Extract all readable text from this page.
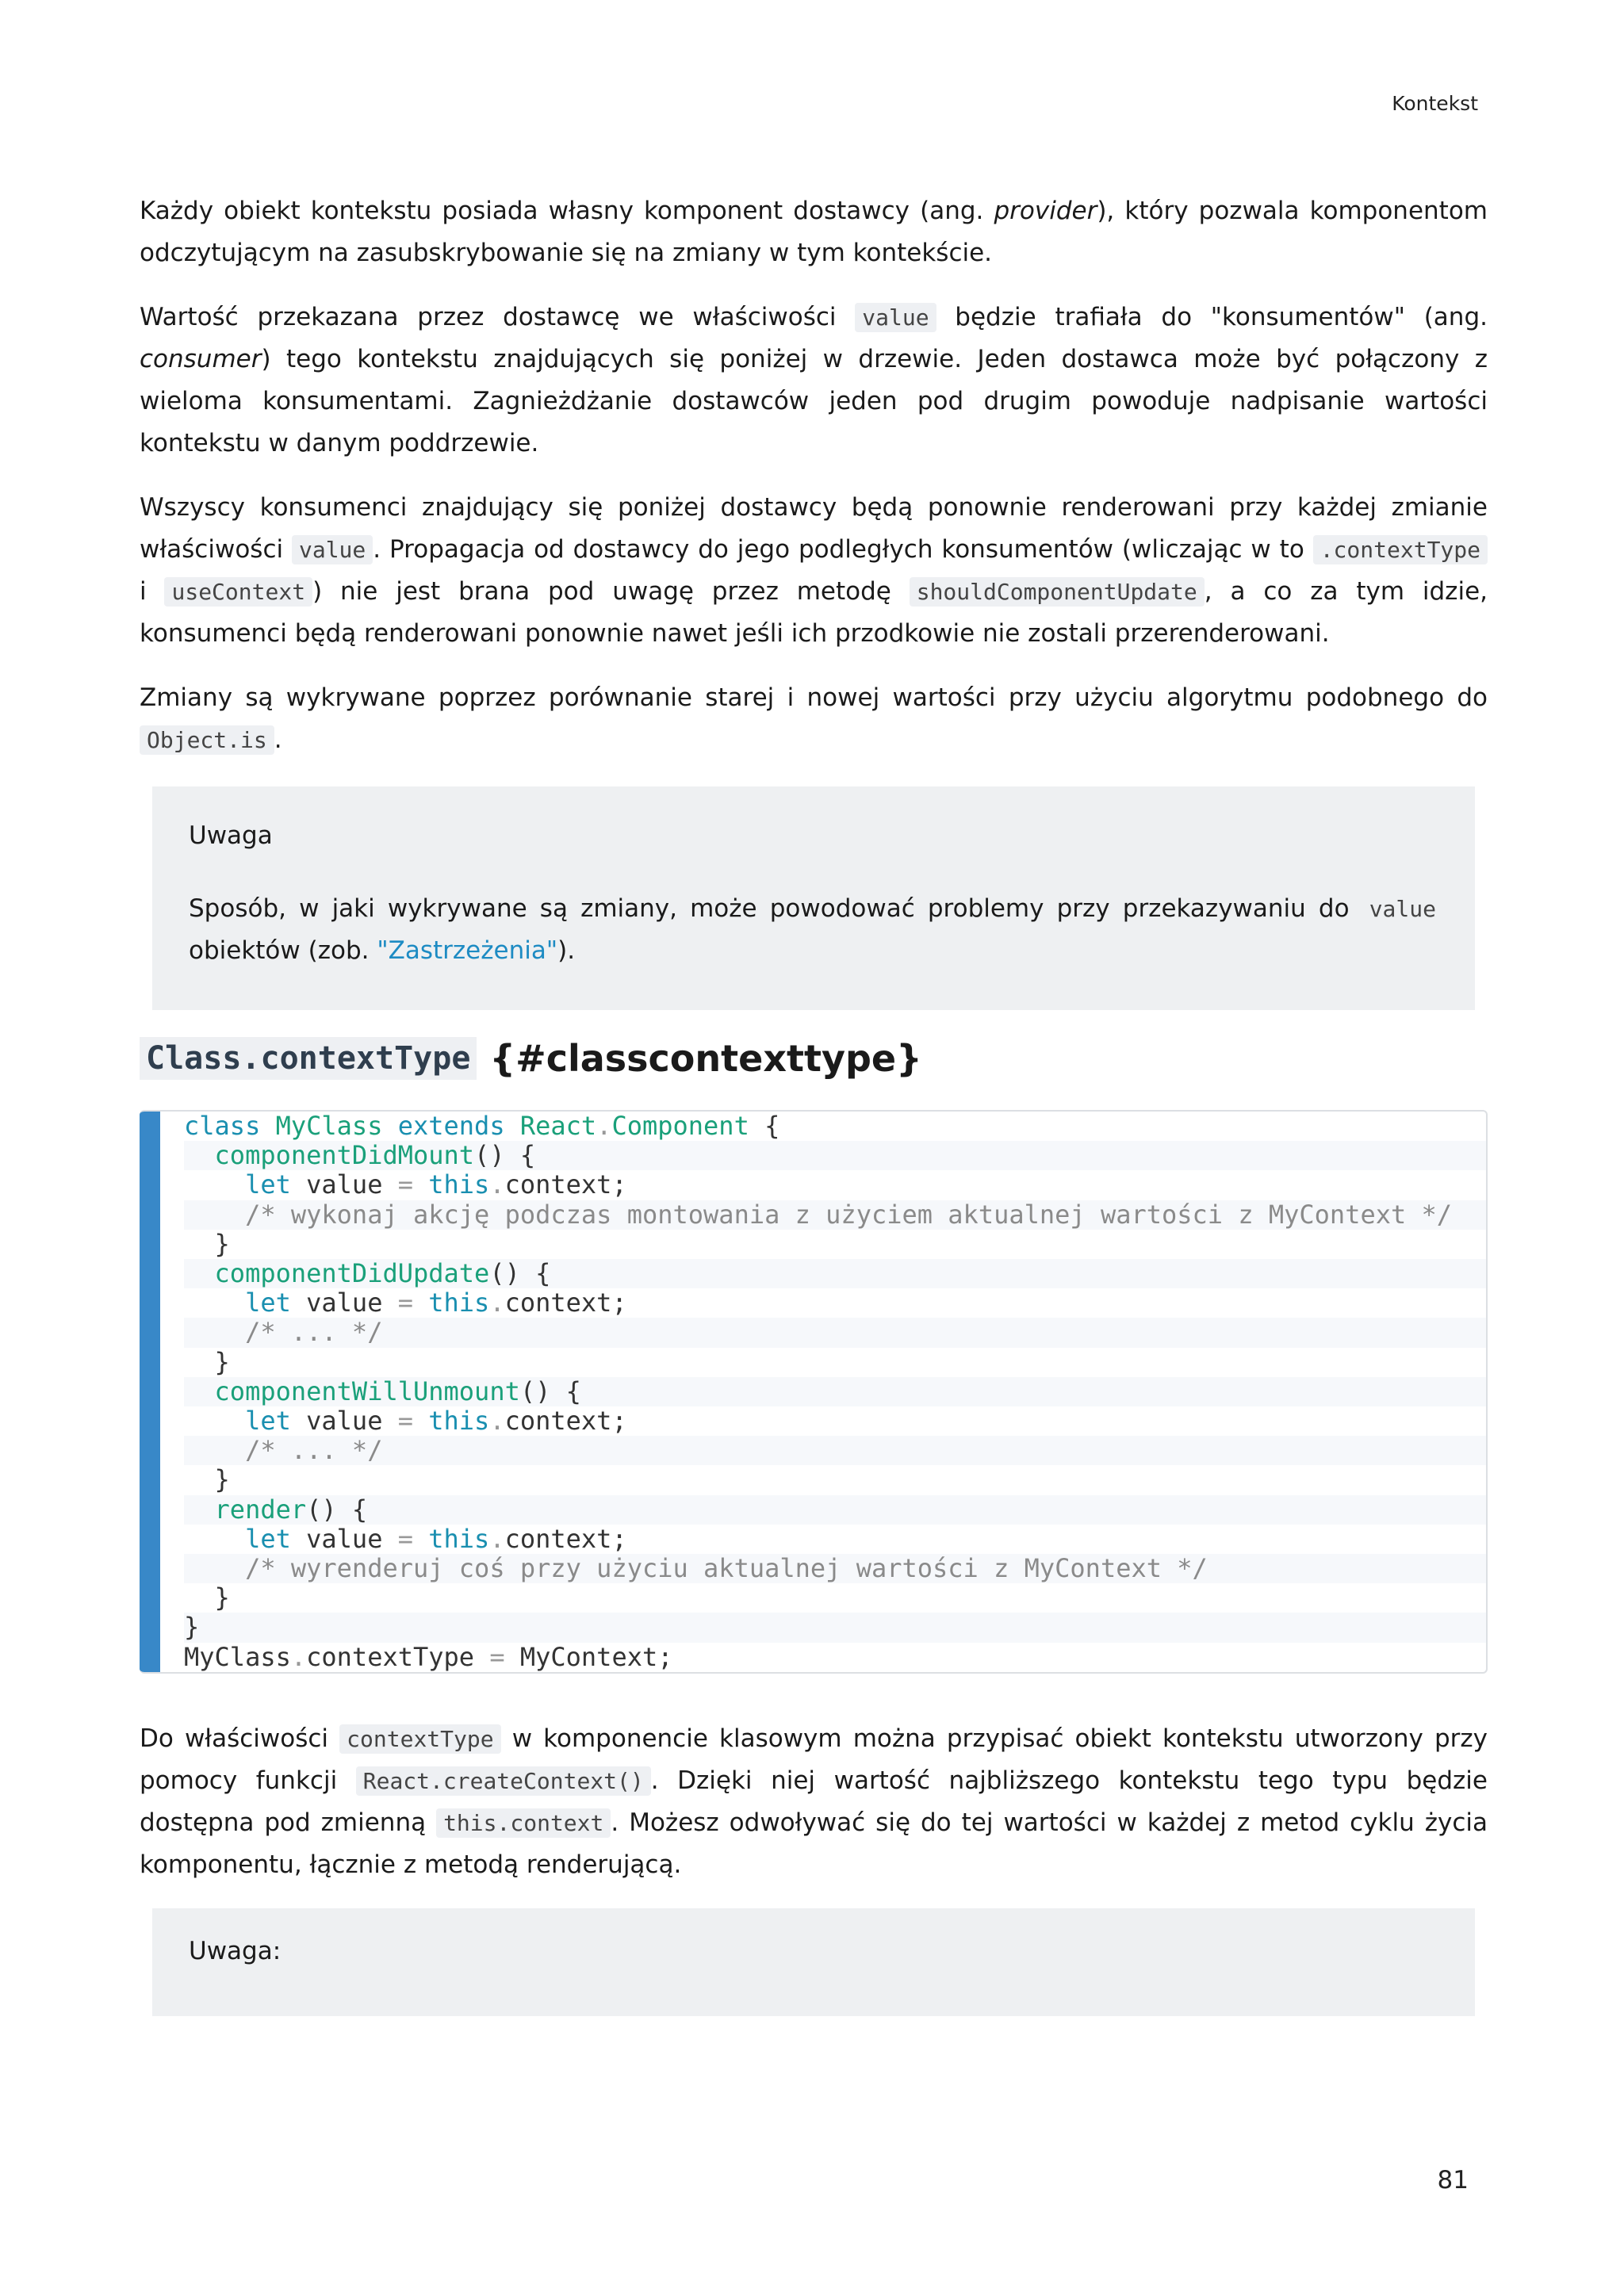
Kontekst

Każdy obiekt kontekstu posiada własny komponent dostawcy (ang. provider), który pozwala komponentom odczytującym na zasubskrybowanie się na zmiany w tym kontekście.

Wartość przekazana przez dostawcę we właściwości value będzie trafiała do "konsumentów" (ang. consumer) tego kontekstu znajdujących się poniżej w drzewie. Jeden dostawca może być połączony z wieloma konsumentami. Zagnieżdżanie dostawców jeden pod drugim powoduje nadpisanie wartości kontekstu w danym poddrzewie.

Wszyscy konsumenci znajdujący się poniżej dostawcy będą ponownie renderowani przy każdej zmianie właściwości value . Propagacja od dostawcy do jego podległych konsumentów (wliczając w to .contextType i useContext ) nie jest brana pod uwagę przez metodę shouldComponentUpdate , a co za tym idzie, konsumenci będą renderowani ponownie nawet jeśli ich przodkowie nie zostali przerenderowani.

Zmiany są wykrywane poprzez porównanie starej i nowej wartości przy użyciu algorytmu podobnego do Object.is .

Uwaga

Sposób, w jaki wykrywane są zmiany, może powodować problemy przy przekazywaniu do value obiektów (zob. "Zastrzeżenia").

Class.contextType {#classcontexttype}
class MyClass extends React.Component {
componentDidMount() {
let value = this.context;
/* wykonaj akcję podczas montowania z użyciem aktualnej wartości z MyContext */
}
componentDidUpdate() {
let value = this.context;
/* ... */
}
componentWillUnmount() {
let value = this.context;
/* ... */
}
render() {
let value = this.context;
/* wyrenderuj coś przy użyciu aktualnej wartości z MyContext */
}
}
MyClass.contextType = MyContext;

Do właściwości contextType w komponencie klasowym można przypisać obiekt kontekstu utworzony przy pomocy funkcji React.createContext() . Dzięki niej wartość najbliższego kontekstu tego typu będzie dostępna pod zmienną this.context . Możesz odwoływać się do tej wartości w każdej z metod cyklu życia komponentu, łącznie z metodą renderującą.

Uwaga:
81
